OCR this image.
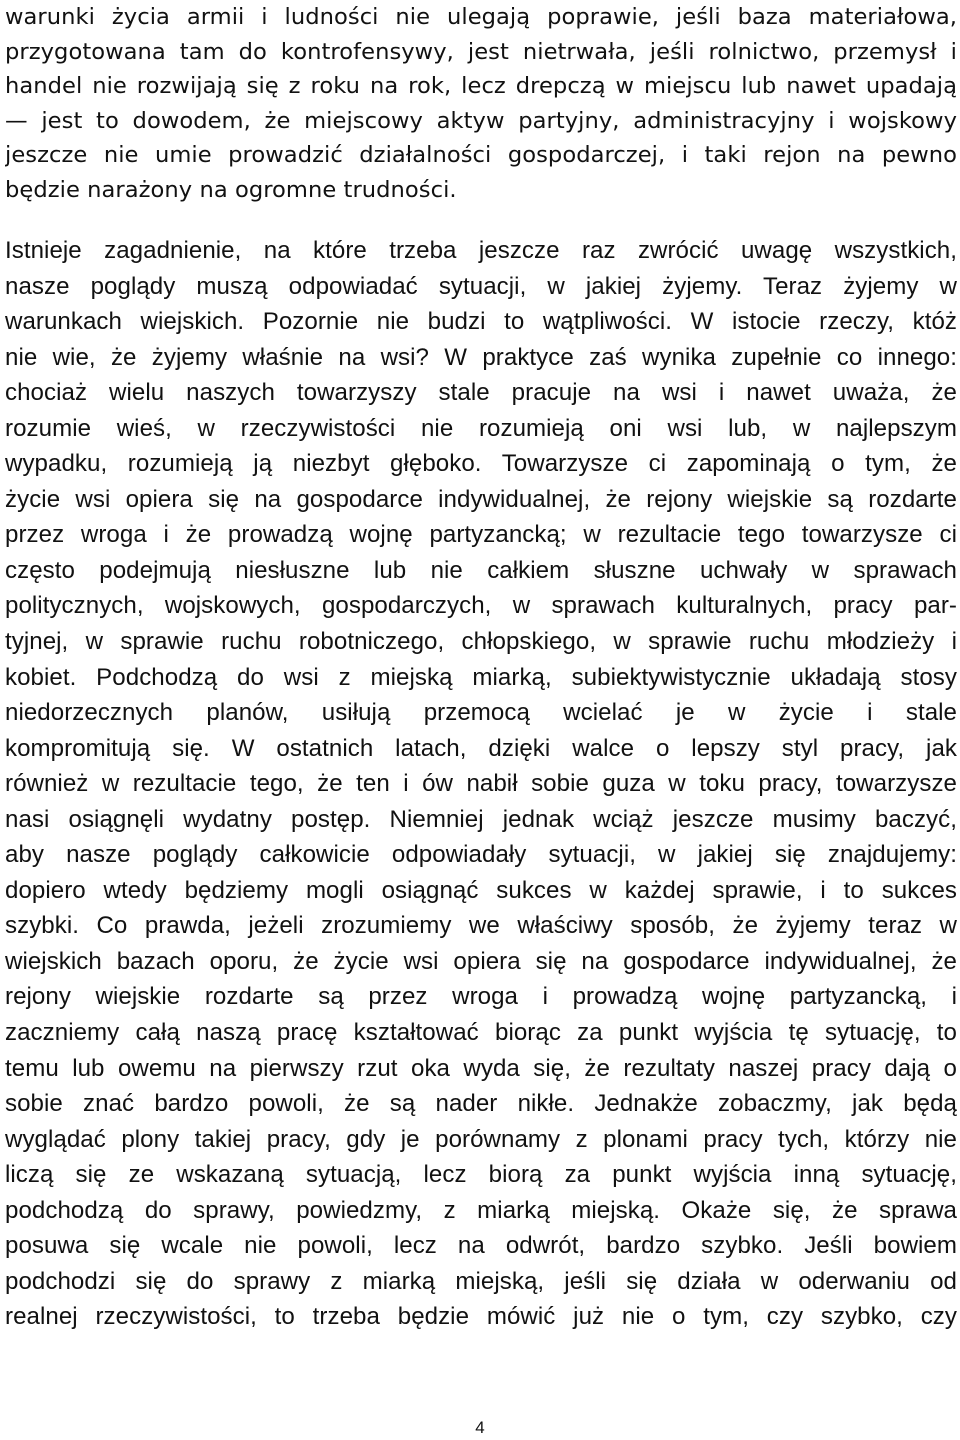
warunki życia armii i ludności nie ulegają poprawie, jeśli baza materiałowa,
przygotowana tam do kontrofensywy, jest nietrwała, jeśli rolnictwo, przemysł i
handel nie rozwijają się z roku na rok, lecz drepczą w miejscu lub nawet upadają
— jest to dowodem, że miejscowy aktyw partyjny, administracyjny i wojskowy
jeszcze nie umie prowadzić działalności gospodarczej, i taki rejon na pewno
będzie narażony na ogromne trudności.
Istnieje zagadnienie, na które trzeba jeszcze raz zwrócić uwagę wszystkich,
nasze poglądy muszą odpowiadać sytuacji, w jakiej żyjemy. Teraz żyjemy w
warunkach wiejskich. Pozornie nie budzi to wątpliwości. W istocie rzeczy, któż
nie wie, że żyjemy właśnie na wsi? W praktyce zaś wynika zupełnie co innego:
chociaż wielu naszych towarzyszy stale pracuje na wsi i nawet uważa, że
rozumie wieś, w rzeczywistości nie rozumieją oni wsi lub, w najlepszym
wypadku, rozumieją ją niezbyt głęboko. Towarzysze ci zapominają o tym, że
życie wsi opiera się na gospodarce indywidualnej, że rejony wiejskie są rozdarte
przez wroga i że prowadzą wojnę partyzancką; w rezultacie tego towarzysze ci
często podejmują niesłuszne lub nie całkiem słuszne uchwały w sprawach
politycznych, wojskowych, gospodarczych, w sprawach kulturalnych, pracy par-
tyjnej, w sprawie ruchu robotniczego, chłopskiego, w sprawie ruchu młodzieży i
kobiet. Podchodzą do wsi z miejską miarką, subiektywistycznie układają stosy
niedorzecznych planów, usiłują przemocą wcielać je w życie i stale
kompromitują się. W ostatnich latach, dzięki walce o lepszy styl pracy, jak
również w rezultacie tego, że ten i ów nabił sobie guza w toku pracy, towarzysze
nasi osiągnęli wydatny postęp. Niemniej jednak wciąż jeszcze musimy baczyć,
aby nasze poglądy całkowicie odpowiadały sytuacji, w jakiej się znajdujemy:
dopiero wtedy będziemy mogli osiągnąć sukces w każdej sprawie, i to sukces
szybki. Co prawda, jeżeli zrozumiemy we właściwy sposób, że żyjemy teraz w
wiejskich bazach oporu, że życie wsi opiera się na gospodarce indywidualnej, że
rejony wiejskie rozdarte są przez wroga i prowadzą wojnę partyzancką, i
zaczniemy całą naszą pracę kształtować biorąc za punkt wyjścia tę sytuację, to
temu lub owemu na pierwszy rzut oka wyda się, że rezultaty naszej pracy dają o
sobie znać bardzo powoli, że są nader nikłe. Jednakże zobaczmy, jak będą
wyglądać plony takiej pracy, gdy je porównamy z plonami pracy tych, którzy nie
liczą się ze wskazaną sytuacją, lecz biorą za punkt wyjścia inną sytuację,
podchodzą do sprawy, powiedzmy, z miarką miejską. Okaże się, że sprawa
posuwa się wcale nie powoli, lecz na odwrót, bardzo szybko. Jeśli bowiem
podchodzi się do sprawy z miarką miejską, jeśli się działa w oderwaniu od
realnej rzeczywistości, to trzeba będzie mówić już nie o tym, czy szybko, czy
4
